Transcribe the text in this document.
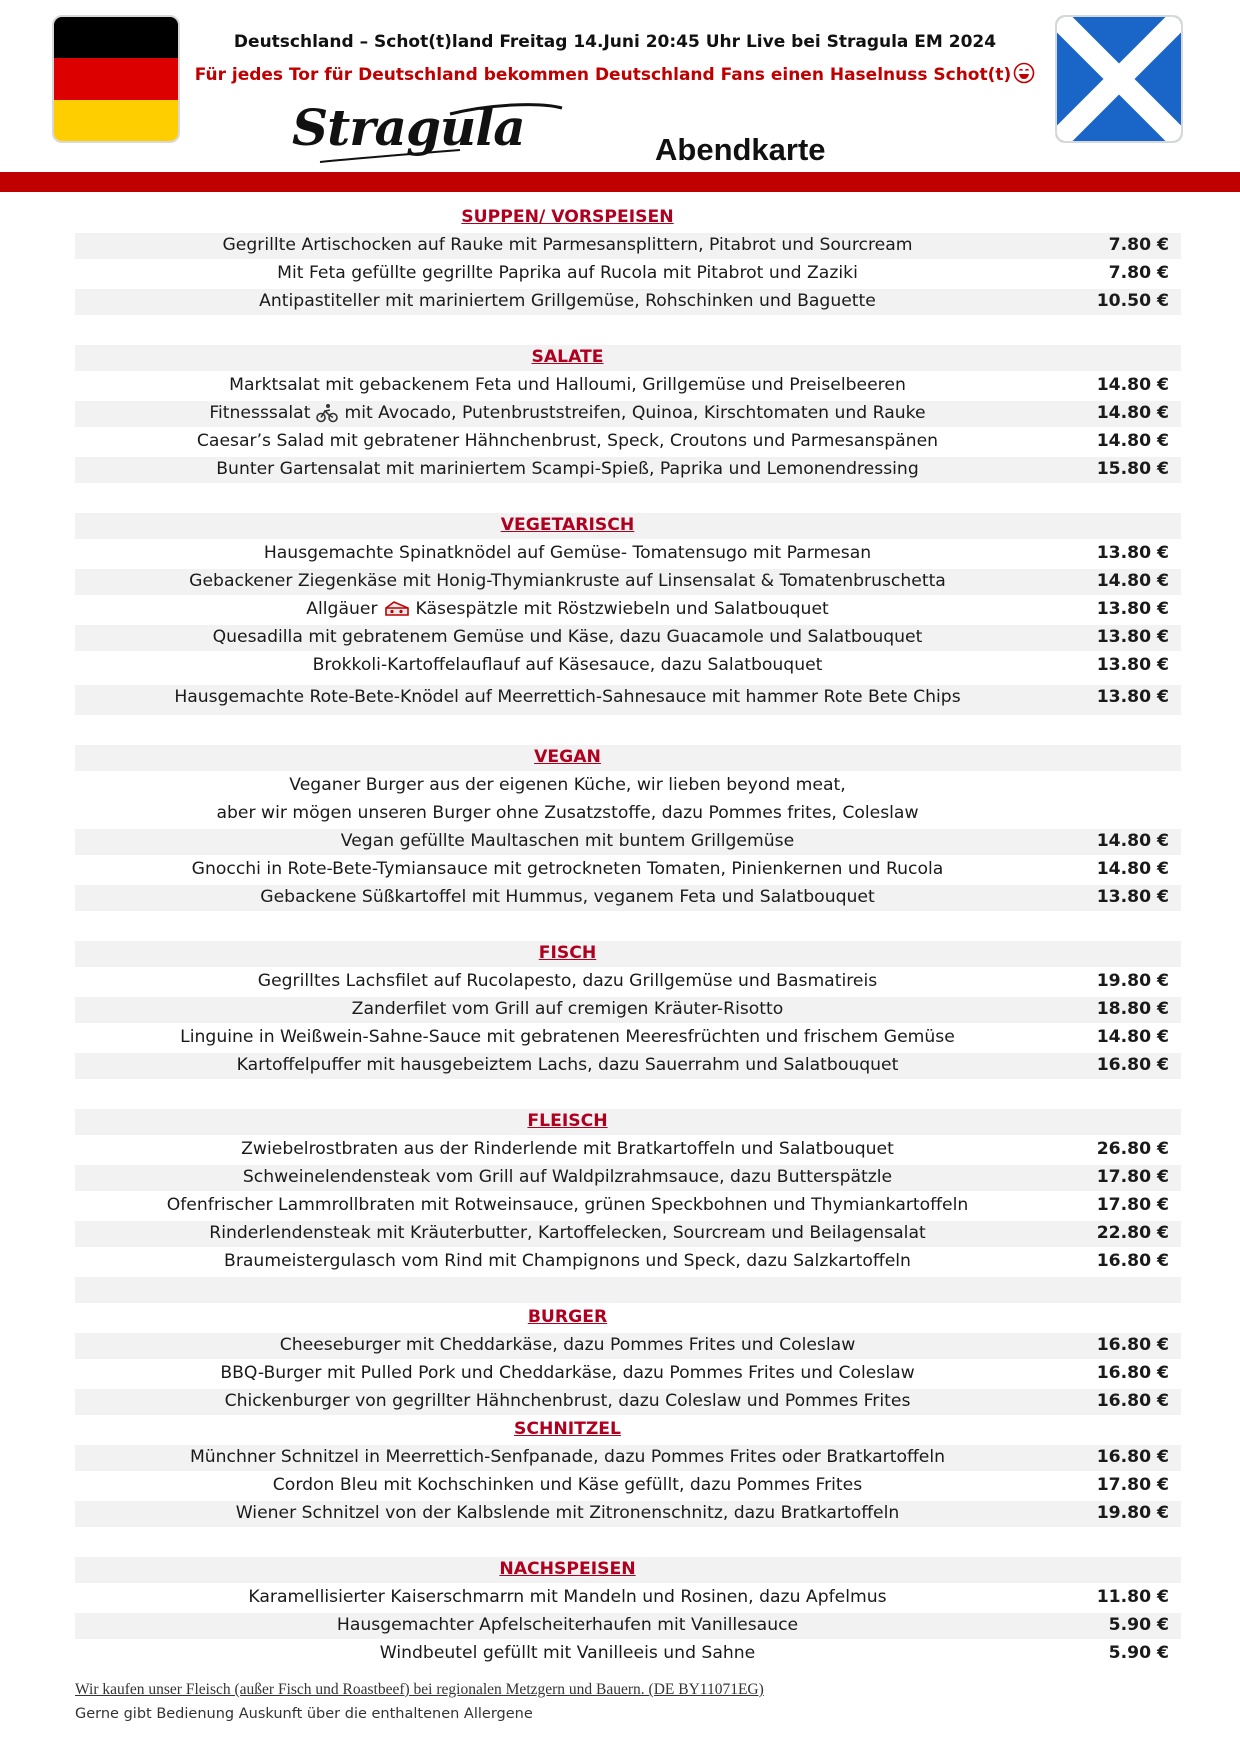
Deutschland – Schot(t)land Freitag 14.Juni 20:45 Uhr Live bei Stragula EM 2024
Für jedes Tor für Deutschland bekommen Deutschland Fans einen Haselnuss Schot(t)
Stragula	Abendkarte
SUPPEN/ VORSPEISEN
Gegrillte Artischocken auf Rauke mit Parmesansplittern, Pitabrot und Sourcream	7.80 €
Mit Feta gefüllte gegrillte Paprika auf Rucola mit Pitabrot und Zaziki	7.80 €
Antipastiteller mit mariniertem Grillgemüse, Rohschinken und Baguette	10.50 €
SALATE
Marktsalat mit gebackenem Feta und Halloumi, Grillgemüse und Preiselbeeren	14.80 €
Fitnesssalat mit Avocado, Putenbruststreifen, Quinoa, Kirschtomaten und Rauke	14.80 €
Caesar’s Salad mit gebratener Hähnchenbrust, Speck, Croutons und Parmesanspänen	14.80 €
Bunter Gartensalat mit mariniertem Scampi-Spieß, Paprika und Lemonendressing	15.80 €
VEGETARISCH
Hausgemachte Spinatknödel auf Gemüse- Tomatensugo mit Parmesan	13.80 €
Gebackener Ziegenkäse mit Honig-Thymiankruste auf Linsensalat & Tomatenbruschetta	14.80 €
Allgäuer Käsespätzle mit Röstzwiebeln und Salatbouquet	13.80 €
Quesadilla mit gebratenem Gemüse und Käse, dazu Guacamole und Salatbouquet	13.80 €
Brokkoli-Kartoffelauflauf auf Käsesauce, dazu Salatbouquet	13.80 €
Hausgemachte Rote-Bete-Knödel auf Meerrettich-Sahnesauce mit hammer Rote Bete Chips	13.80 €
VEGAN
Veganer Burger aus der eigenen Küche, wir lieben beyond meat,
aber wir mögen unseren Burger ohne Zusatzstoffe, dazu Pommes frites, Coleslaw
Vegan gefüllte Maultaschen mit buntem Grillgemüse	14.80 €
Gnocchi in Rote-Bete-Tymiansauce mit getrockneten Tomaten, Pinienkernen und Rucola	14.80 €
Gebackene Süßkartoffel mit Hummus, veganem Feta und Salatbouquet	13.80 €
FISCH
Gegrilltes Lachsfilet auf Rucolapesto, dazu Grillgemüse und Basmatireis	19.80 €
Zanderfilet vom Grill auf cremigen Kräuter-Risotto	18.80 €
Linguine in Weißwein-Sahne-Sauce mit gebratenen Meeresfrüchten und frischem Gemüse	14.80 €
Kartoffelpuffer mit hausgebeiztem Lachs, dazu Sauerrahm und Salatbouquet	16.80 €
FLEISCH
Zwiebelrostbraten aus der Rinderlende mit Bratkartoffeln und Salatbouquet	26.80 €
Schweinelendensteak vom Grill auf Waldpilzrahmsauce, dazu Butterspätzle	17.80 €
Ofenfrischer Lammrollbraten mit Rotweinsauce, grünen Speckbohnen und Thymiankartoffeln	17.80 €
Rinderlendensteak mit Kräuterbutter, Kartoffelecken, Sourcream und Beilagensalat	22.80 €
Braumeistergulasch vom Rind mit Champignons und Speck, dazu Salzkartoffeln	16.80 €
BURGER
Cheeseburger mit Cheddarkäse, dazu Pommes Frites und Coleslaw	16.80 €
BBQ-Burger mit Pulled Pork und Cheddarkäse, dazu Pommes Frites und Coleslaw	16.80 €
Chickenburger von gegrillter Hähnchenbrust, dazu Coleslaw und Pommes Frites	16.80 €
SCHNITZEL
Münchner Schnitzel in Meerrettich-Senfpanade, dazu Pommes Frites oder Bratkartoffeln	16.80 €
Cordon Bleu mit Kochschinken und Käse gefüllt, dazu Pommes Frites	17.80 €
Wiener Schnitzel von der Kalbslende mit Zitronenschnitz, dazu Bratkartoffeln	19.80 €
NACHSPEISEN
Karamellisierter Kaiserschmarrn mit Mandeln und Rosinen, dazu Apfelmus	11.80 €
Hausgemachter Apfelscheiterhaufen mit Vanillesauce	5.90 €
Windbeutel gefüllt mit Vanilleeis und Sahne	5.90 €
Wir kaufen unser Fleisch (außer Fisch und Roastbeef) bei regionalen Metzgern und Bauern. (DE BY11071EG)
Gerne gibt Bedienung Auskunft über die enthaltenen Allergene
